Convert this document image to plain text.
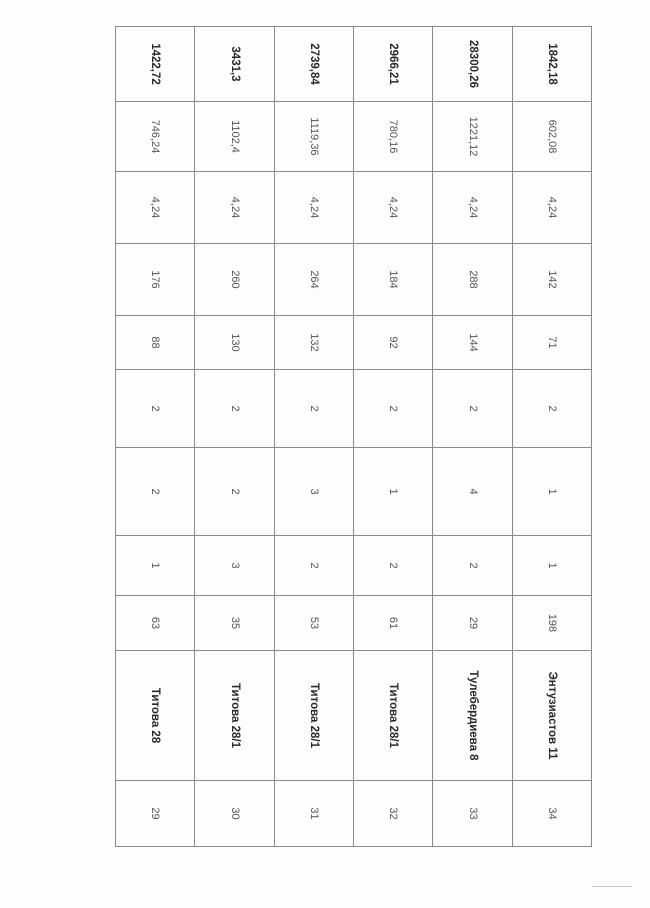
1842,18	602,08	4,24	142	71	2	1	1	198	Энтузиастов 11	34
28300,26	1221,12	4,24	288	144	2	4	2	29	Тулебердиева 8	33
2966,21	780,16	4,24	184	92	2	1	2	61	Титова 28/1	32
2739,84	1119,36	4,24	264	132	2	3	2	53	Титова 28/1	31
3431,3	1102,4	4,24	260	130	2	2	3	35	Титова 28/1	30
1422,72	746,24	4,24	176	88	2	2	1	63	Титова 28	29
